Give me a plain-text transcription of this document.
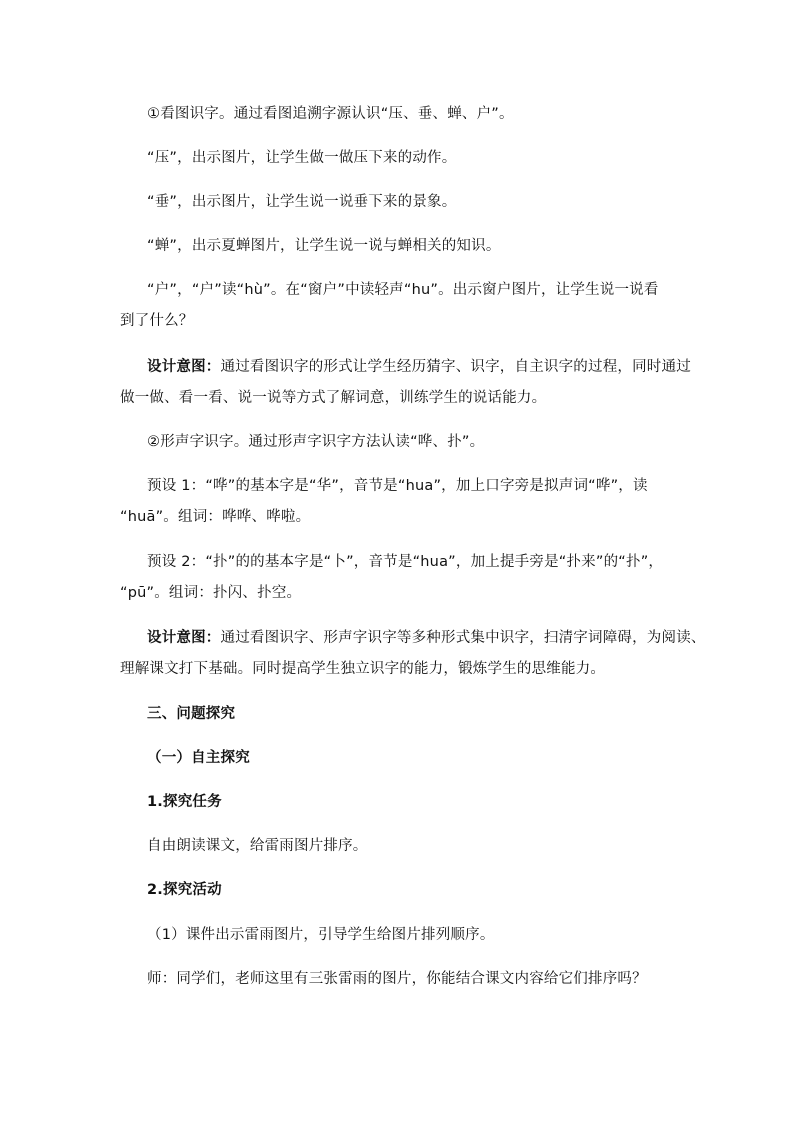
①看图识字。通过看图追溯字源认识“压、垂、蝉、户”。
“压”，出示图片，让学生做一做压下来的动作。
“垂”，出示图片，让学生说一说垂下来的景象。
“蝉”，出示夏蝉图片，让学生说一说与蝉相关的知识。
“户”，“户”读“hù”。在“窗户”中读轻声“hu”。出示窗户图片，让学生说一说看
到了什么？
设计意图：通过看图识字的形式让学生经历猜字、识字，自主识字的过程，同时通过
做一做、看一看、说一说等方式了解词意，训练学生的说话能力。
②形声字识字。通过形声字识字方法认读“哗、扑”。
预设 1：“哗”的基本字是“华”，音节是“hua”，加上口字旁是拟声词“哗”，读
“huā”。组词：哗哗、哗啦。
预设 2：“扑”的的基本字是“卜”，音节是“hua”，加上提手旁是“扑来”的“扑”，
“pū”。组词：扑闪、扑空。
设计意图：通过看图识字、形声字识字等多种形式集中识字，扫清字词障碍，为阅读、
理解课文打下基础。同时提高学生独立识字的能力，锻炼学生的思维能力。
三、问题探究
（一）自主探究
1.探究任务
自由朗读课文，给雷雨图片排序。
2.探究活动
（1）课件出示雷雨图片，引导学生给图片排列顺序。
师：同学们，老师这里有三张雷雨的图片，你能结合课文内容给它们排序吗？
